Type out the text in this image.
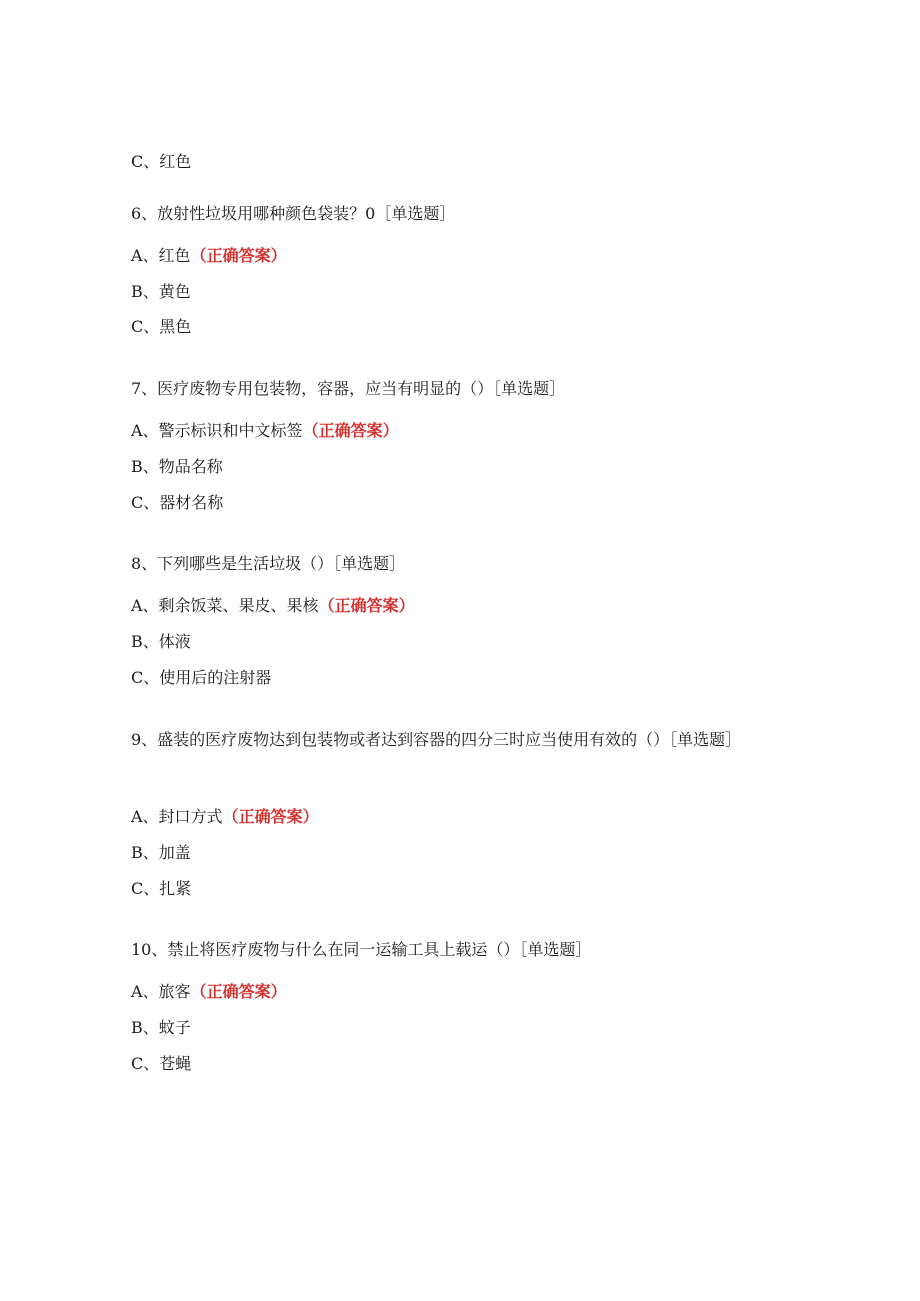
C、红色
6、放射性垃圾用哪种颜色袋装？0［单选题］
A、红色（正确答案）
B、黄色
C、黑色
7、医疗废物专用包装物，容器，应当有明显的（）［单选题］
A、警示标识和中文标签（正确答案）
B、物品名称
C、器材名称
8、下列哪些是生活垃圾（）［单选题］
A、剩余饭菜、果皮、果核（正确答案）
B、体液
C、使用后的注射器
9、盛装的医疗废物达到包装物或者达到容器的四分三时应当使用有效的（）［单选题］
A、封口方式（正确答案）
B、加盖
C、扎紧
10、禁止将医疗废物与什么在同一运输工具上载运（）［单选题］
A、旅客（正确答案）
B、蚊子
C、苍蝇
